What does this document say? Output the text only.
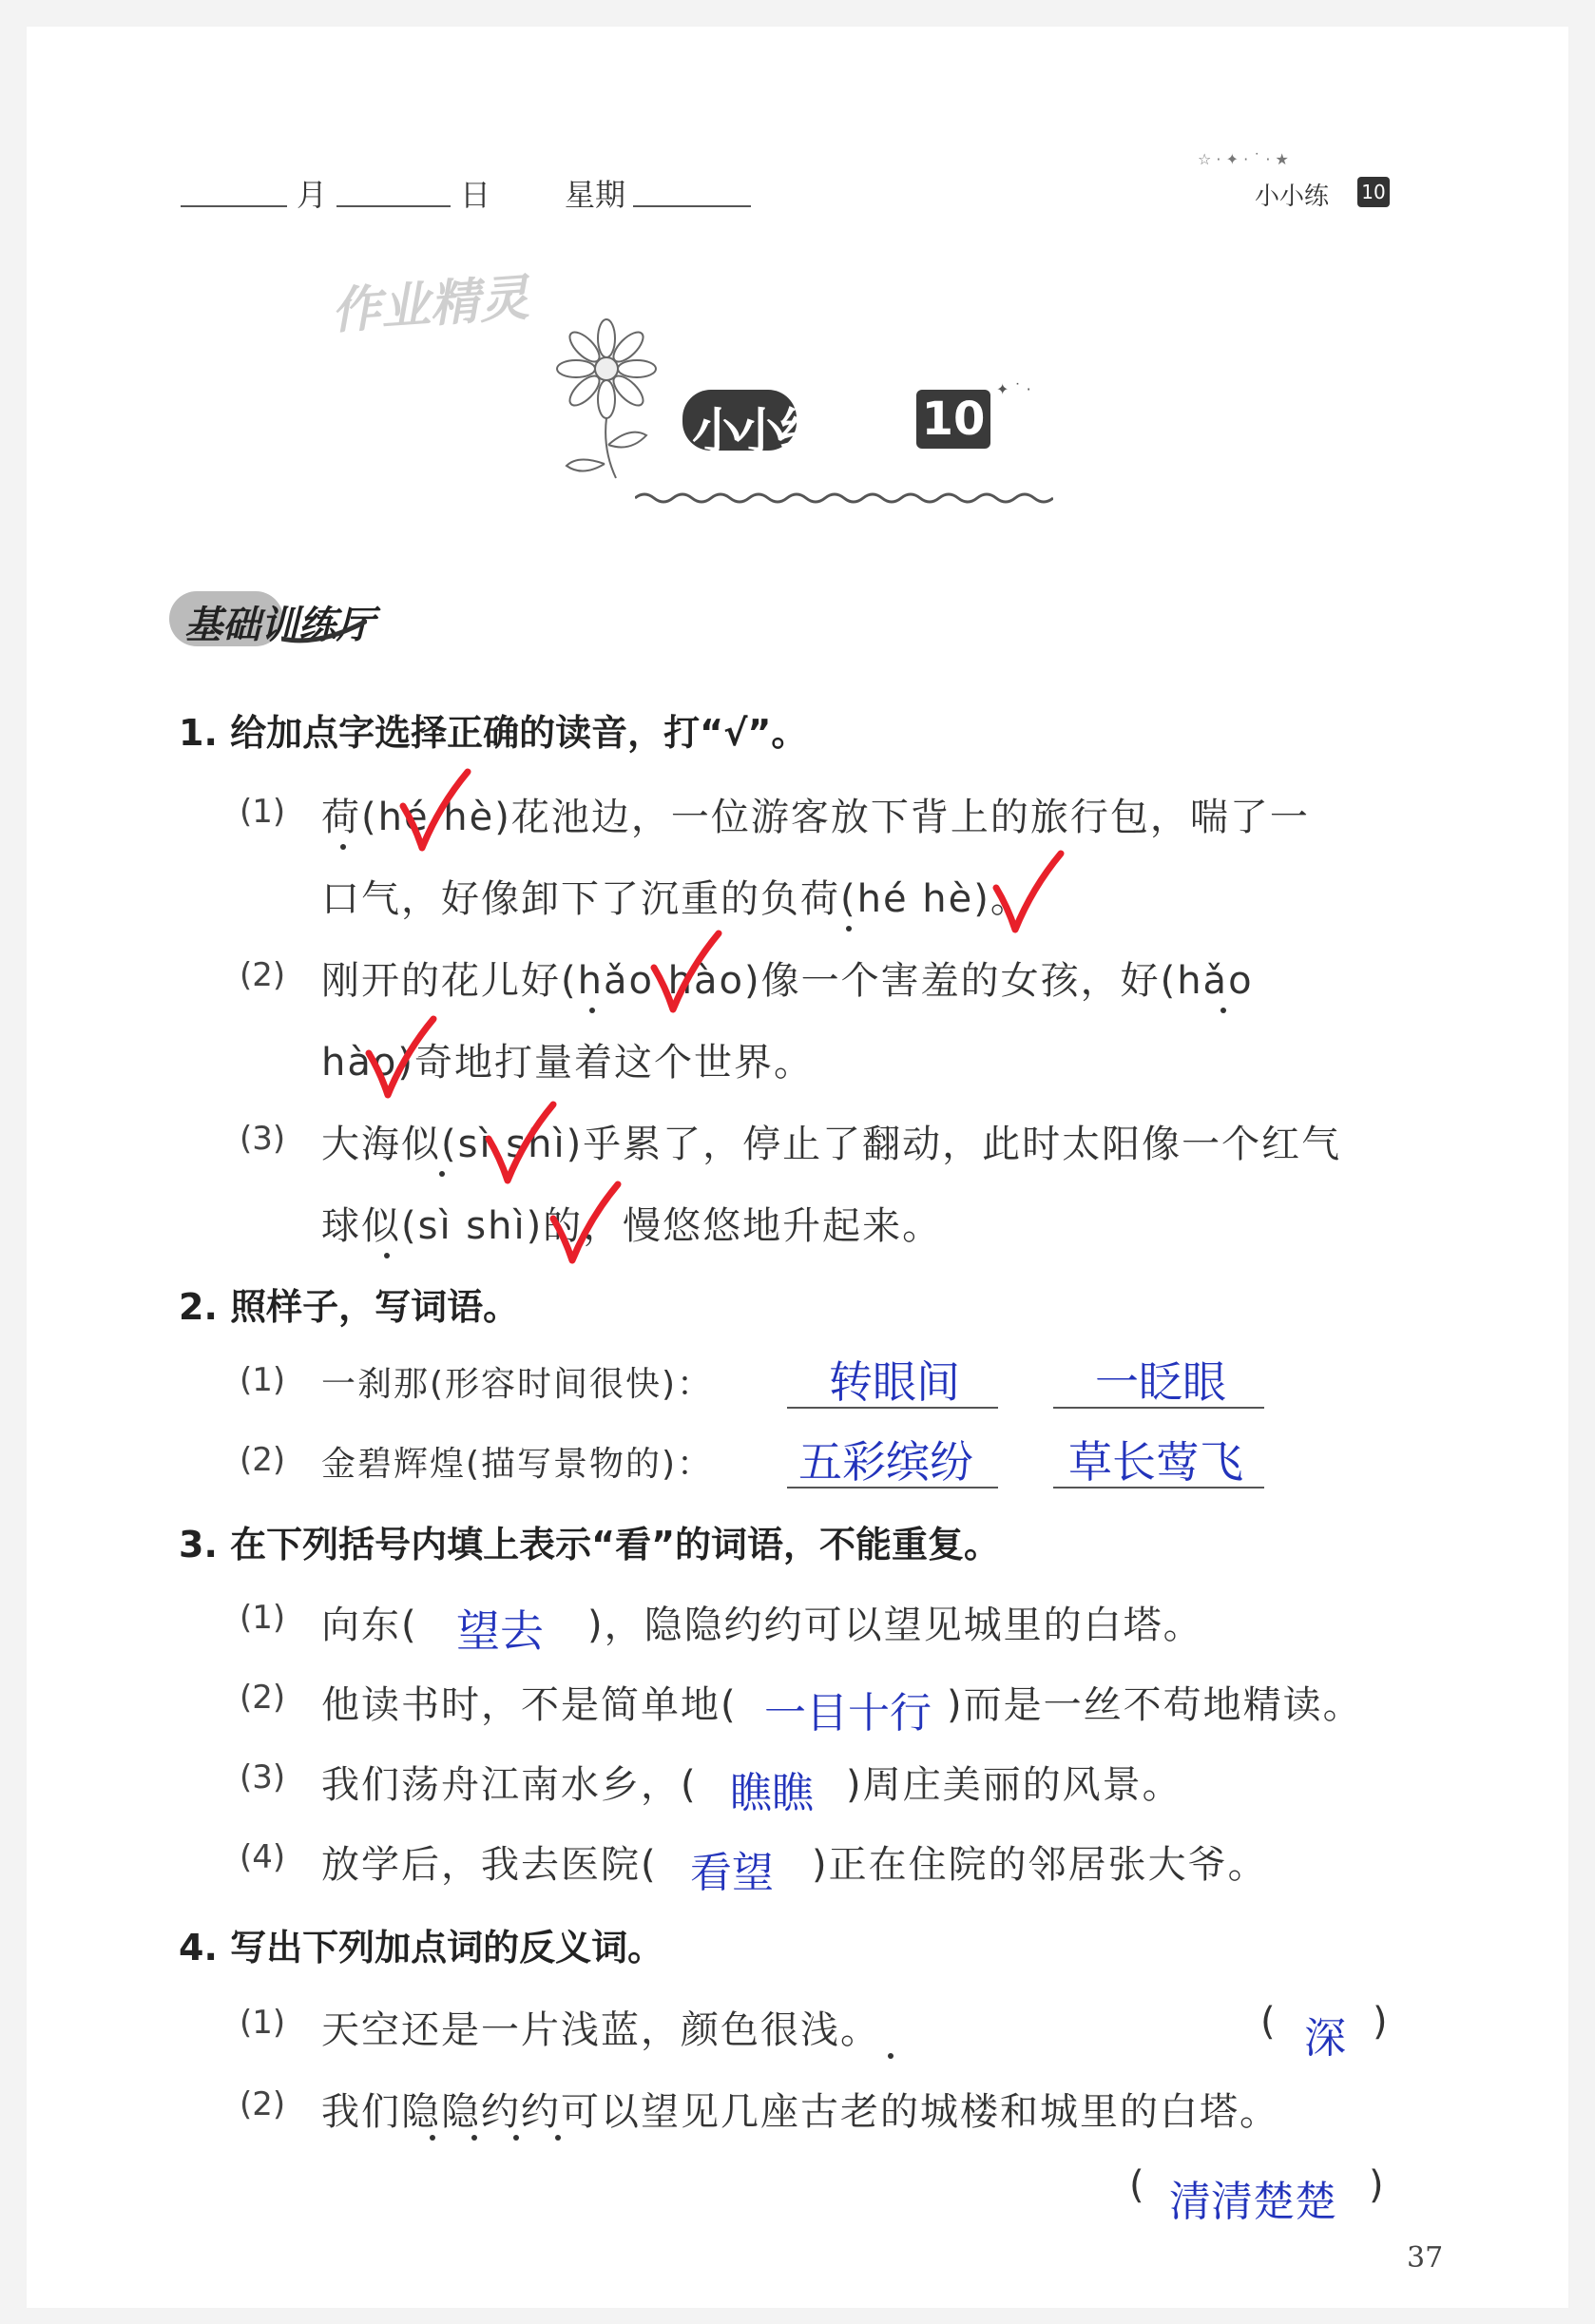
月	日 星期
☆ · ✦ · ˙ · ★
小小练 10
作业精灵
小小练 10
✦ ˙ ·
基础训练厅
1. 给加点字选择正确的读音，打“√”。
(1) 荷(hé hè)花池边，一位游客放下背上的旅行包，喘了一
口气，好像卸下了沉重的负荷(hé hè)。
(2) 刚开的花儿好(hǎo hào)像一个害羞的女孩，好(hǎo
hào)奇地打量着这个世界。
(3) 大海似(sì shì)乎累了，停止了翻动，此时太阳像一个红气
球似(sì shì)的，慢悠悠地升起来。
2. 照样子，写词语。
(1) 一刹那(形容时间很快)：	转眼间	一眨眼
(2) 金碧辉煌(描写景物的)： 五彩缤纷 草长莺飞
3. 在下列括号内填上表示“看”的词语，不能重复。
(1) 向东( 望去 )，隐隐约约可以望见城里的白塔。
(2) 他读书时，不是简单地( 一目十行 )而是一丝不苟地精读。
(3) 我们荡舟江南水乡，( 瞧瞧 )周庄美丽的风景。
(4) 放学后，我去医院( 看望 )正在住院的邻居张大爷。
4. 写出下列加点词的反义词。
(1) 天空还是一片浅蓝，颜色很浅。	( 深 )
(2) 我们隐隐约约可以望见几座古老的城楼和城里的白塔。
( 清清楚楚 )
37
